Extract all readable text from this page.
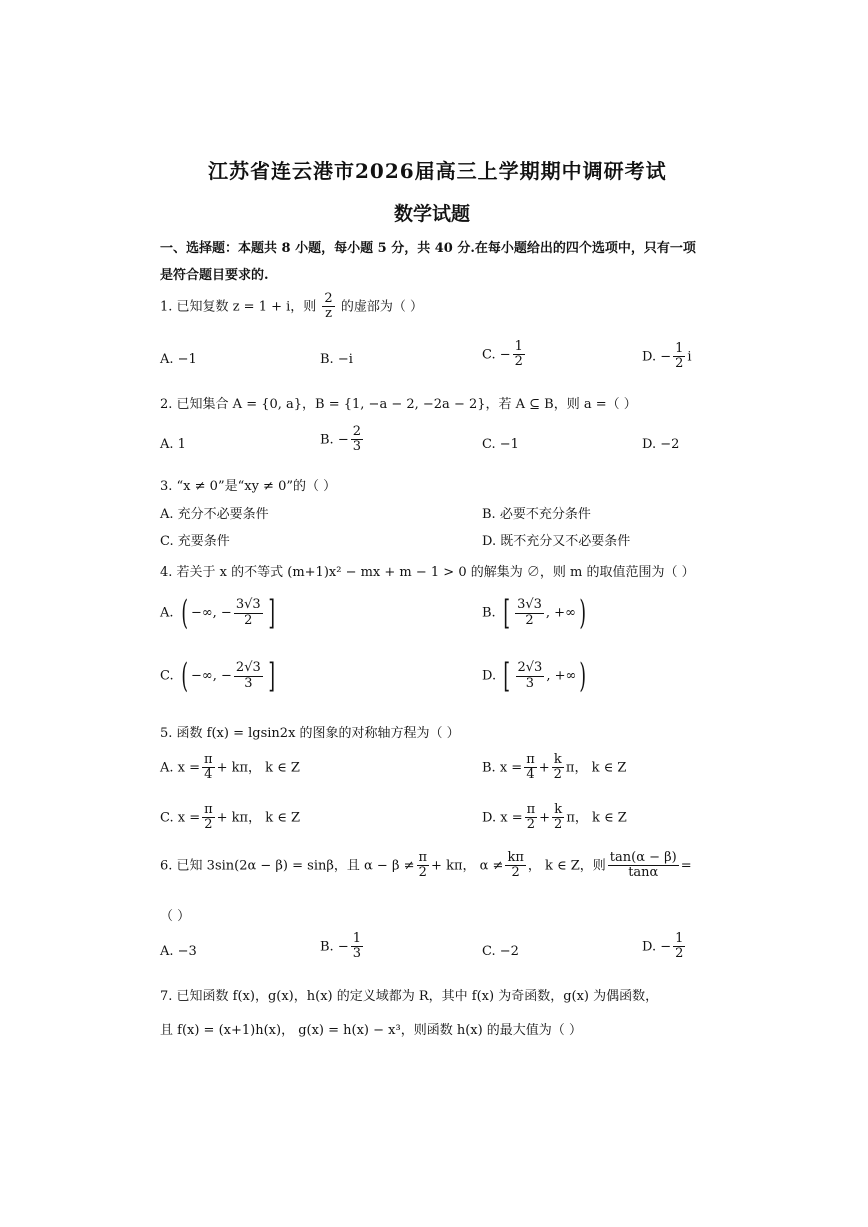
江苏省连云港市2026届高三上学期期中调研考试
数学试题
一、选择题：本题共 8 小题，每小题 5 分，共 40 分.在每小题给出的四个选项中，只有一项
是符合题目要求的.
1. 已知复数 z = 1 + i，则 $\frac{2}{z}$ 的虚部为（ ）
A. −1	B. −i	C. − $\frac{1}{2}$	D. − $\frac{1}{2}$ i
2. 已知集合 A = {0, a}，B = {1, −a − 2, −2a − 2}，若 A ⊆ B，则 a =（ ）
A. 1	B. − $\frac{2}{3}$	C. −1	D. −2
3. “x ≠ 0”是“xy ≠ 0”的（ ）
A. 充分不必要条件	B. 必要不充分条件
C. 充要条件	D. 既不充分又不必要条件
4. 若关于 x 的不等式 (m+1)x² − mx + m − 1 > 0 的解集为 ∅，则 m 的取值范围为（ ）
A. ( −∞, − $\frac{3√3}{2}$ ]	B. [ $\frac{3√3}{2}$ , +∞)
C. ( −∞, − $\frac{2√3}{3}$ ]	D. [ $\frac{2√3}{3}$ , +∞)
5. 函数 f(x) = lgsin2x 的图象的对称轴方程为（ ）
A. $x = \frac{\pi}{4} + k\pi$， k ∈ Z	B. $x = \frac{\pi}{4} + \frac{k}{2}$ π， k ∈ Z
C. $x = \frac{\pi}{2} + k\pi$， k ∈ Z	D. $x = \frac{\pi}{2} + \frac{k}{2}$ π， k ∈ Z
6. 已知 3sin(2α − β) = sinβ，且 $\alpha - \beta \ne \frac{\pi}{2} + k\pi$， $\alpha \ne \frac{k\pi}{2}$ ， k ∈ Z，则 $\frac{\tan(\alpha - \beta)}{\tan\alpha}$ =
（ ）
A. −3	B. − $\frac{1}{3}$	C. −2	D. − $\frac{1}{2}$
7. 已知函数 f(x)，g(x)，h(x) 的定义域都为 R，其中 f(x) 为奇函数，g(x) 为偶函数，
且 f(x) = (x+1)h(x)， g(x) = h(x) − x³，则函数 h(x) 的最大值为（ ）
